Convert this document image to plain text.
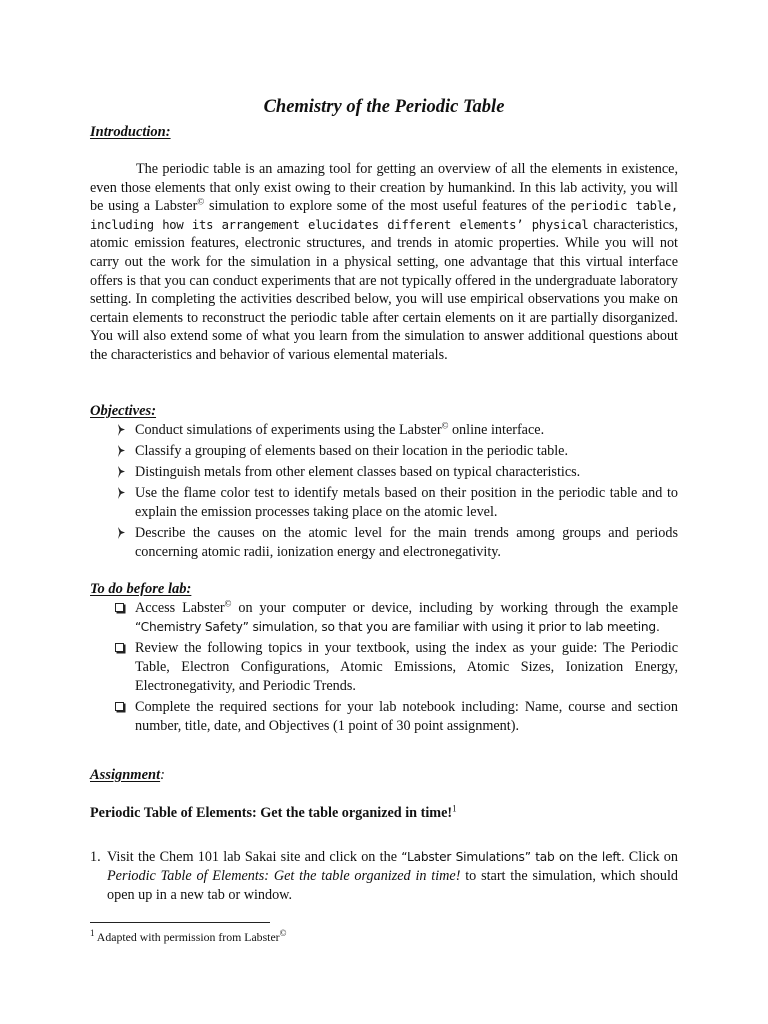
Chemistry of the Periodic Table
Introduction:
The periodic table is an amazing tool for getting an overview of all the elements in existence, even those elements that only exist owing to their creation by humankind. In this lab activity, you will be using a Labster© simulation to explore some of the most useful features of the periodic table, including how its arrangement elucidates different elements’ physical characteristics, atomic emission features, electronic structures, and trends in atomic properties. While you will not carry out the work for the simulation in a physical setting, one advantage that this virtual interface offers is that you can conduct experiments that are not typically offered in the undergraduate laboratory setting. In completing the activities described below, you will use empirical observations you make on certain elements to reconstruct the periodic table after certain elements on it are partially disorganized. You will also extend some of what you learn from the simulation to answer additional questions about the characteristics and behavior of various elemental materials.
Objectives:
Conduct simulations of experiments using the Labster© online interface.
Classify a grouping of elements based on their location in the periodic table.
Distinguish metals from other element classes based on typical characteristics.
Use the flame color test to identify metals based on their position in the periodic table and to explain the emission processes taking place on the atomic level.
Describe the causes on the atomic level for the main trends among groups and periods concerning atomic radii, ionization energy and electronegativity.
To do before lab:
Access Labster© on your computer or device, including by working through the example “Chemistry Safety” simulation, so that you are familiar with using it prior to lab meeting.
Review the following topics in your textbook, using the index as your guide: The Periodic Table, Electron Configurations, Atomic Emissions, Atomic Sizes, Ionization Energy, Electronegativity, and Periodic Trends.
Complete the required sections for your lab notebook including: Name, course and section number, title, date, and Objectives (1 point of 30 point assignment).
Assignment:
Periodic Table of Elements: Get the table organized in time!$^1$
1. Visit the Chem 101 lab Sakai site and click on the “Labster Simulations” tab on the left. Click on Periodic Table of Elements: Get the table organized in time! to start the simulation, which should open up in a new tab or window.
$^1$ Adapted with permission from Labster©
